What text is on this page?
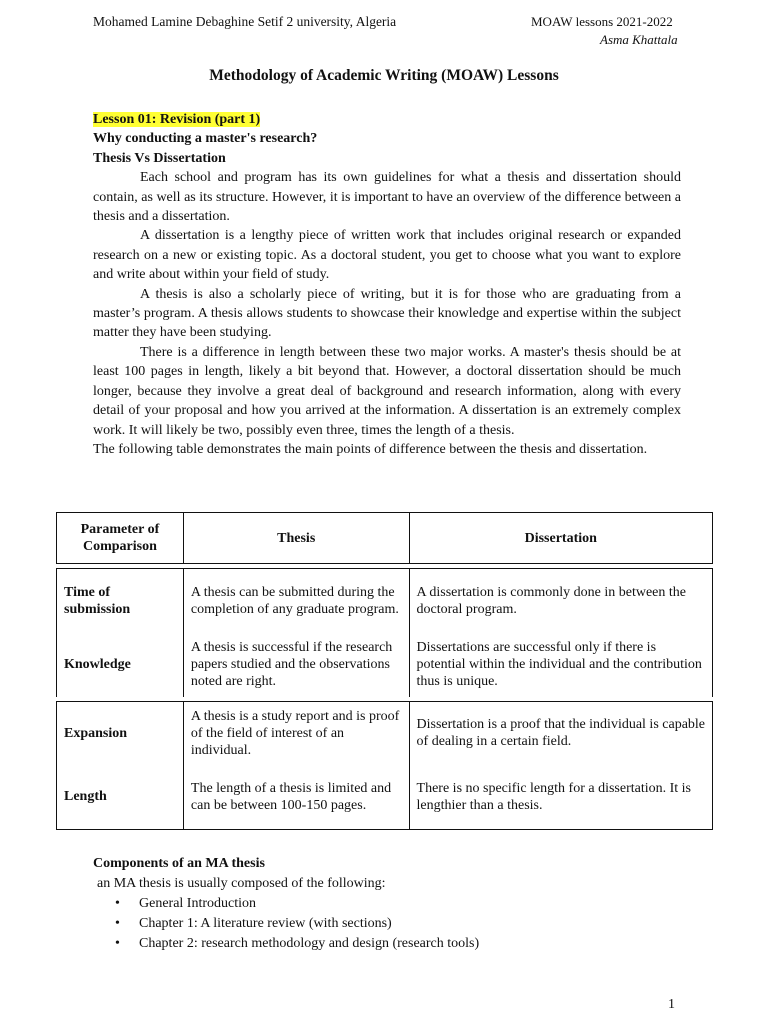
Mohamed Lamine Debaghine Setif 2 university, Algeria	MOAW lessons 2021-2022
Asma Khattala
Methodology of Academic Writing (MOAW) Lessons
Lesson 01: Revision (part 1)
Why conducting a master's research?
Thesis Vs Dissertation

Each school and program has its own guidelines for what a thesis and dissertation should contain, as well as its structure. However, it is important to have an overview of the difference between a thesis and a dissertation.

A dissertation is a lengthy piece of written work that includes original research or expanded research on a new or existing topic. As a doctoral student, you get to choose what you want to explore and write about within your field of study.

A thesis is also a scholarly piece of writing, but it is for those who are graduating from a master’s program. A thesis allows students to showcase their knowledge and expertise within the subject matter they have been studying.

There is a difference in length between these two major works. A master's thesis should be at least 100 pages in length, likely a bit beyond that. However, a doctoral dissertation should be much longer, because they involve a great deal of background and research information, along with every detail of your proposal and how you arrived at the information. A dissertation is an extremely complex work. It will likely be two, possibly even three, times the length of a thesis.

The following table demonstrates the main points of difference between the thesis and dissertation.

Parameter of Comparison	Thesis	Dissertation

Time of submission	A thesis can be submitted during the completion of any graduate program.	A dissertation is commonly done in between the doctoral program.
Knowledge	A thesis is successful if the research papers studied and the observations noted are right.	Dissertations are successful only if there is potential within the individual and the contribution thus is unique.

Expansion	A thesis is a study report and is proof of the field of interest of an individual.	Dissertation is a proof that the individual is capable of dealing in a certain field.
Length	The length of a thesis is limited and can be between 100-150 pages.	There is no specific length for a dissertation. It is lengthier than a thesis.
Components of an MA thesis
an MA thesis is usually composed of the following:
• General Introduction
• Chapter 1: A literature review (with sections)
• Chapter 2: research methodology and design (research tools)
1
